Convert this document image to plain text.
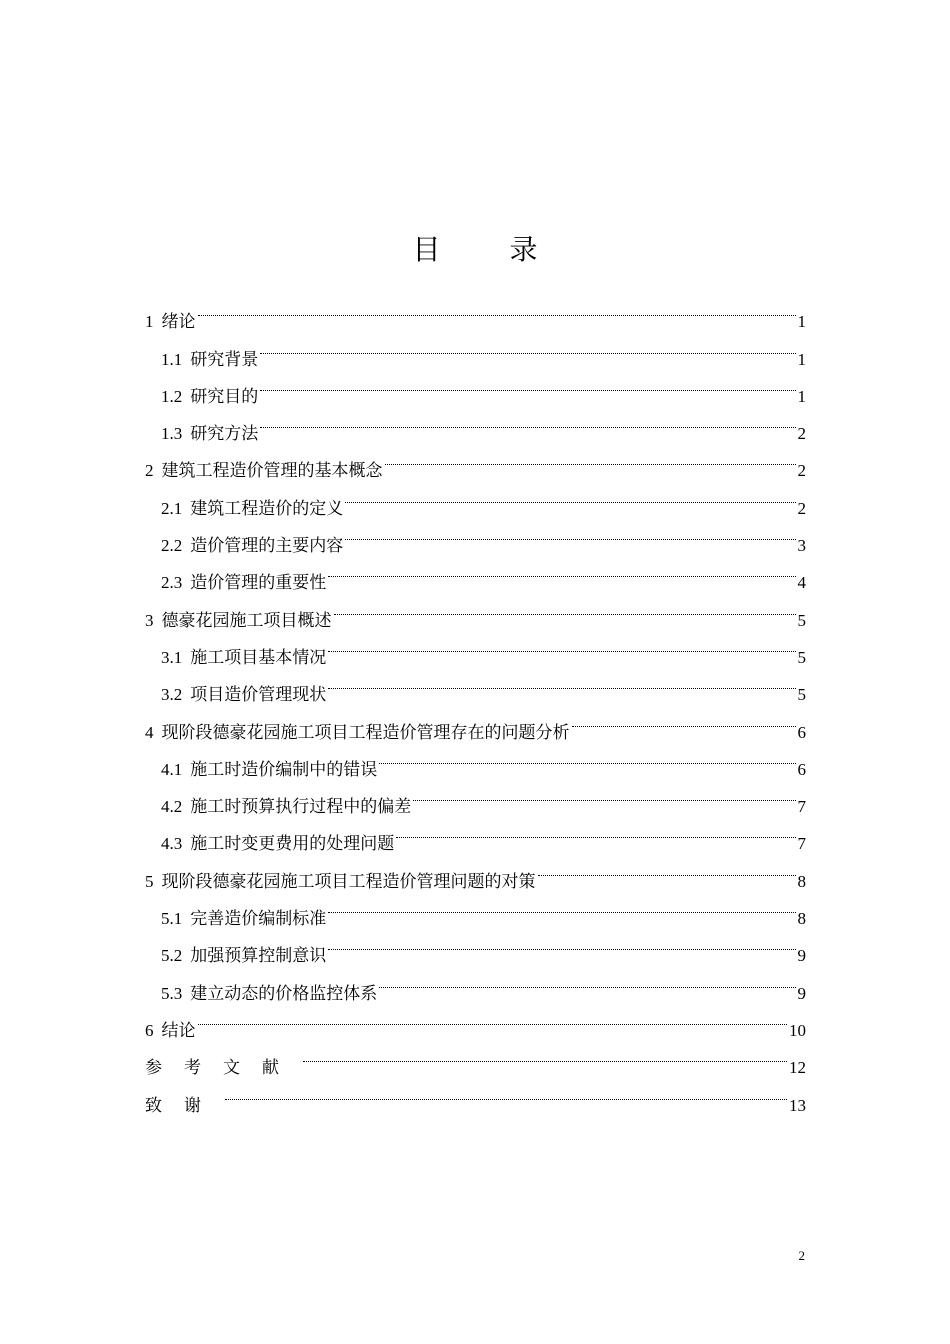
目 录
1 绪论	1
1.1 研究背景	1
1.2 研究目的	1
1.3 研究方法	2
2 建筑工程造价管理的基本概念	2
2.1 建筑工程造价的定义	2
2.2 造价管理的主要内容	3
2.3 造价管理的重要性	4
3 德豪花园施工项目概述	5
3.1 施工项目基本情况	5
3.2 项目造价管理现状	5
4 现阶段德豪花园施工项目工程造价管理存在的问题分析	6
4.1 施工时造价编制中的错误	6
4.2 施工时预算执行过程中的偏差	7
4.3 施工时变更费用的处理问题	7
5 现阶段德豪花园施工项目工程造价管理问题的对策	8
5.1 完善造价编制标准	8
5.2 加强预算控制意识	9
5.3 建立动态的价格监控体系	9
6 结论	10
参考文献	12
致谢	13
2
